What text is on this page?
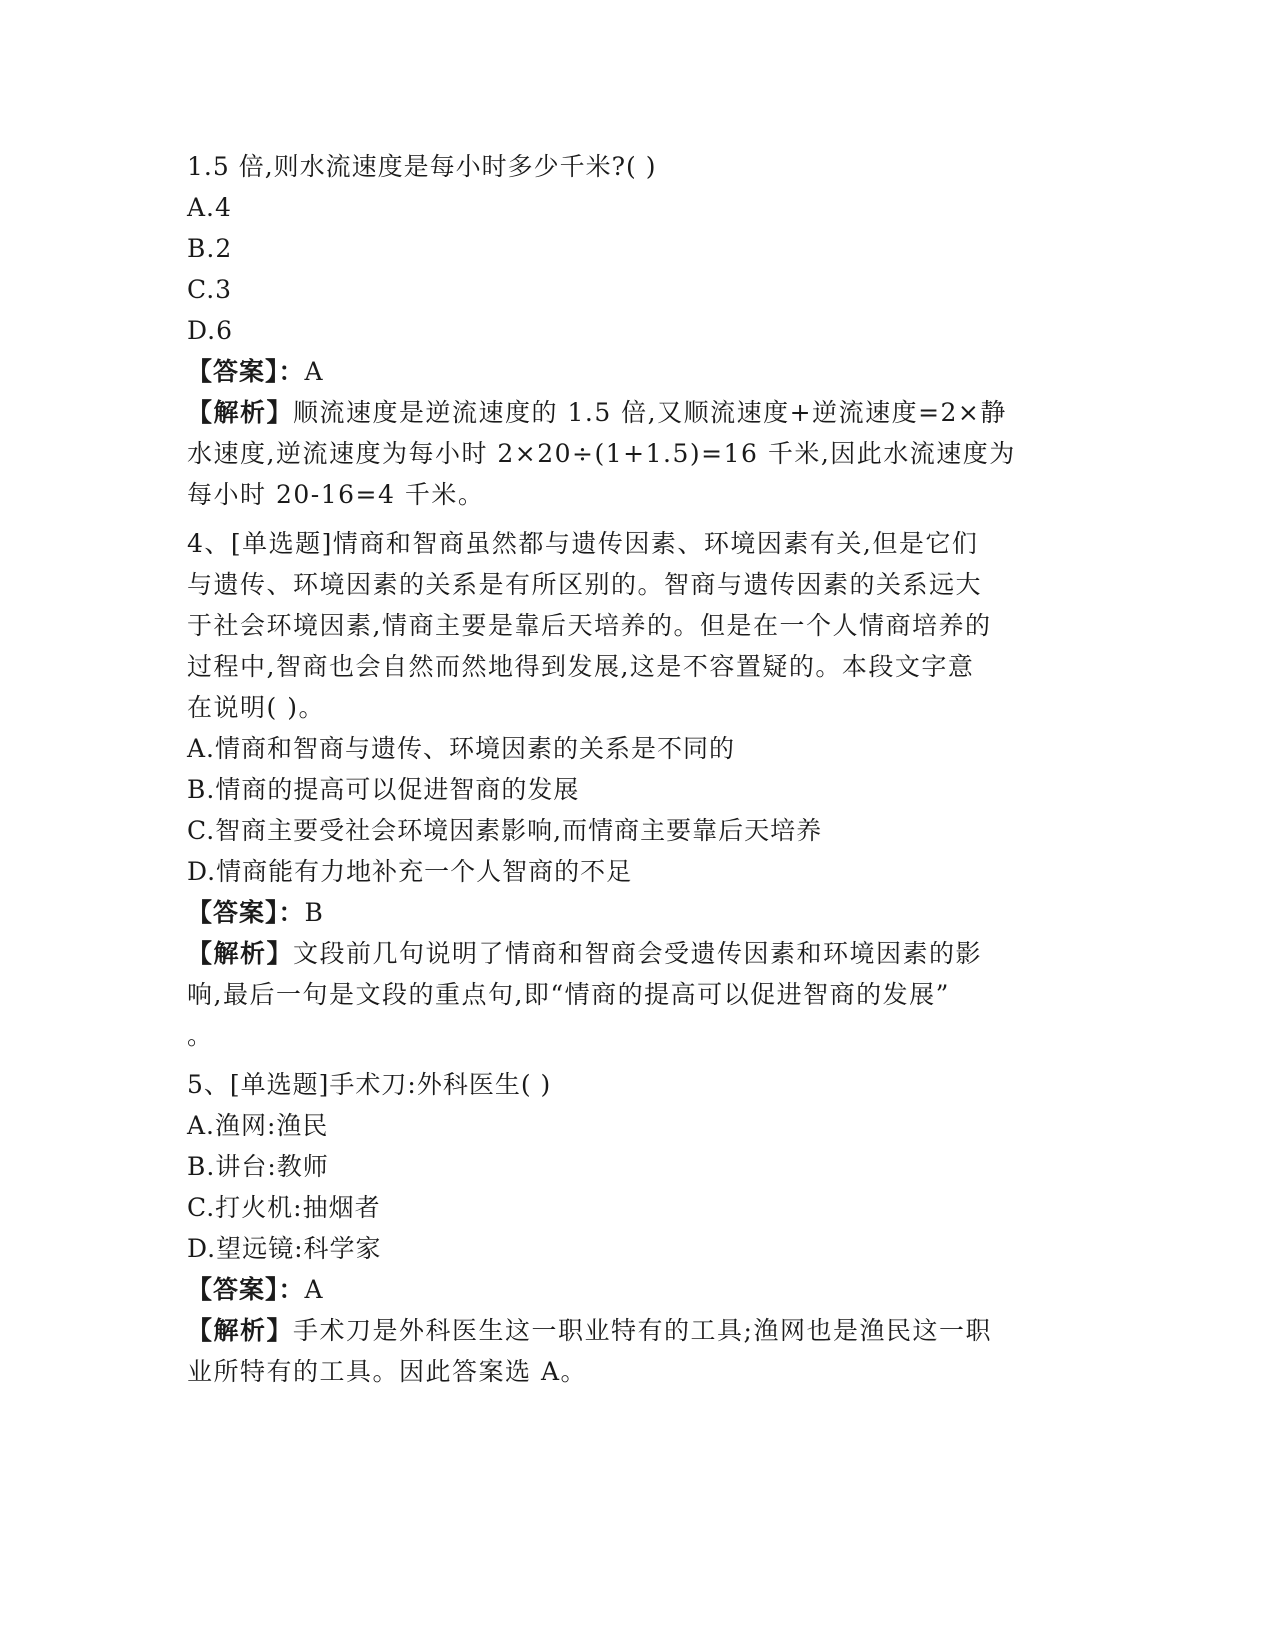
1.5 倍,则水流速度是每小时多少千米?( )
A.4
B.2
C.3
D.6
【答案】：A
【解析】顺流速度是逆流速度的 1.5 倍,又顺流速度+逆流速度=2×静
水速度,逆流速度为每小时 2×20÷(1+1.5)=16 千米,因此水流速度为
每小时 20-16=4 千米。
4、[单选题]情商和智商虽然都与遗传因素、环境因素有关,但是它们
与遗传、环境因素的关系是有所区别的。智商与遗传因素的关系远大
于社会环境因素,情商主要是靠后天培养的。但是在一个人情商培养的
过程中,智商也会自然而然地得到发展,这是不容置疑的。本段文字意
在说明( )。
A.情商和智商与遗传、环境因素的关系是不同的
B.情商的提高可以促进智商的发展
C.智商主要受社会环境因素影响,而情商主要靠后天培养
D.情商能有力地补充一个人智商的不足
【答案】：B
【解析】文段前几句说明了情商和智商会受遗传因素和环境因素的影
响,最后一句是文段的重点句,即“情商的提高可以促进智商的发展”
。
5、[单选题]手术刀:外科医生( )
A.渔网:渔民
B.讲台:教师
C.打火机:抽烟者
D.望远镜:科学家
【答案】：A
【解析】手术刀是外科医生这一职业特有的工具;渔网也是渔民这一职
业所特有的工具。因此答案选 A。
